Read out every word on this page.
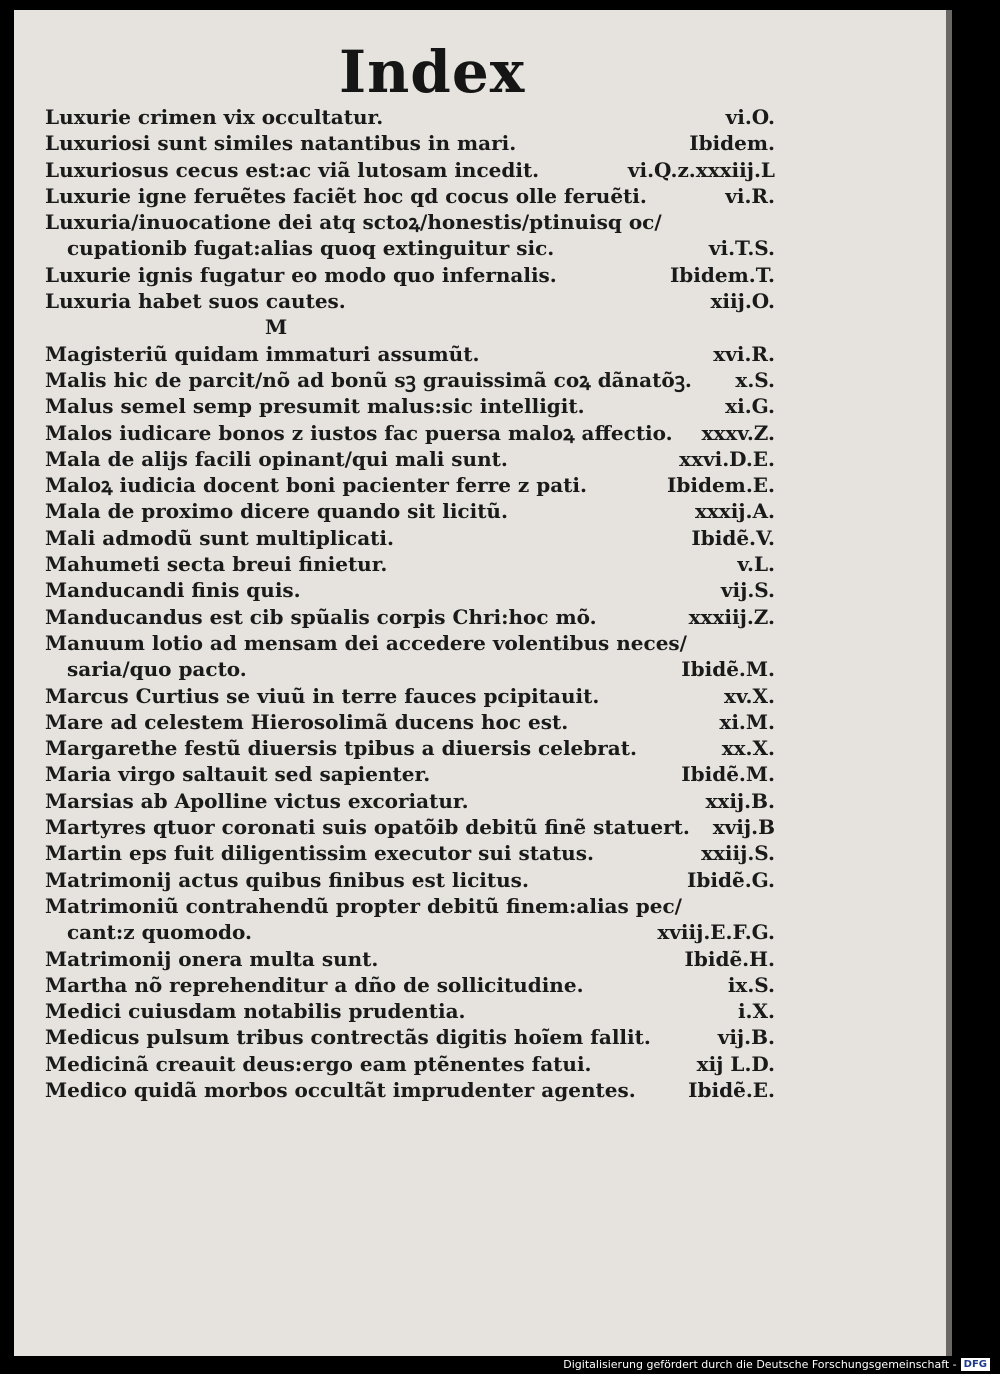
Index
Luxurie crimen vix occultatur.	vi.O.
Luxuriosi sunt similes natantibus in mari.	Ibidem.
Luxuriosus cecus est:ac viã lutosam incedit.	vi.Q.z.xxxiij.L
Luxurie igne feruẽtes faciẽt hoc qd cocus olle feruẽti.	vi.R.
Luxuria/inuocatione dei atq sctoꝝ/honestis/ptinuisq oc/
cupationib fugat:alias quoq extinguitur sic.	vi.T.S.
Luxurie ignis fugatur eo modo quo infernalis.	Ibidem.T.
Luxuria habet suos cautes.	xiij.O.
M
Magisteriũ quidam immaturi assumũt.	xvi.R.
Malis hic de parcit/nõ ad bonũ sꝫ grauissimã coꝝ dãnatõꝫ.	x.S.
Malus semel semp presumit malus:sic intelligit.	xi.G.
Malos iudicare bonos z iustos fac puersa maloꝝ affectio.	xxxv.Z.
Mala de alijs facili opinant/qui mali sunt.	xxvi.D.E.
Maloꝝ iudicia docent boni pacienter ferre z pati.	Ibidem.E.
Mala de proximo dicere quando sit licitũ.	xxxij.A.
Mali admodũ sunt multiplicati.	Ibidẽ.V.
Mahumeti secta breui finietur.	v.L.
Manducandi finis quis.	vij.S.
Manducandus est cib spũalis corpis Chri:hoc mõ.	xxxiij.Z.
Manuum lotio ad mensam dei accedere volentibus neces/
saria/quo pacto.	Ibidẽ.M.
Marcus Curtius se viuũ in terre fauces pcipitauit.	xv.X.
Mare ad celestem Hierosolimã ducens hoc est.	xi.M.
Margarethe festũ diuersis tpibus a diuersis celebrat.	xx.X.
Maria virgo saltauit sed sapienter.	Ibidẽ.M.
Marsias ab Apolline victus excoriatur.	xxij.B.
Martyres qtuor coronati suis opatõib debitũ finẽ statuert.	xvij.B
Martin eps fuit diligentissim executor sui status.	xxiij.S.
Matrimonij actus quibus finibus est licitus.	Ibidẽ.G.
Matrimoniũ contrahendũ propter debitũ finem:alias pec/
cant:z quomodo.	xviij.E.F.G.
Matrimonij onera multa sunt.	Ibidẽ.H.
Martha nõ reprehenditur a dño de sollicitudine.	ix.S.
Medici cuiusdam notabilis prudentia.	i.X.
Medicus pulsum tribus contrectãs digitis hoĩem fallit.	vij.B.
Medicinã creauit deus:ergo eam ptẽnentes fatui.	xij L.D.
Medico quidã morbos occultãt imprudenter agentes.	Ibidẽ.E.
Digitalisierung gefördert durch die Deutsche Forschungsgemeinschaft - DFG
